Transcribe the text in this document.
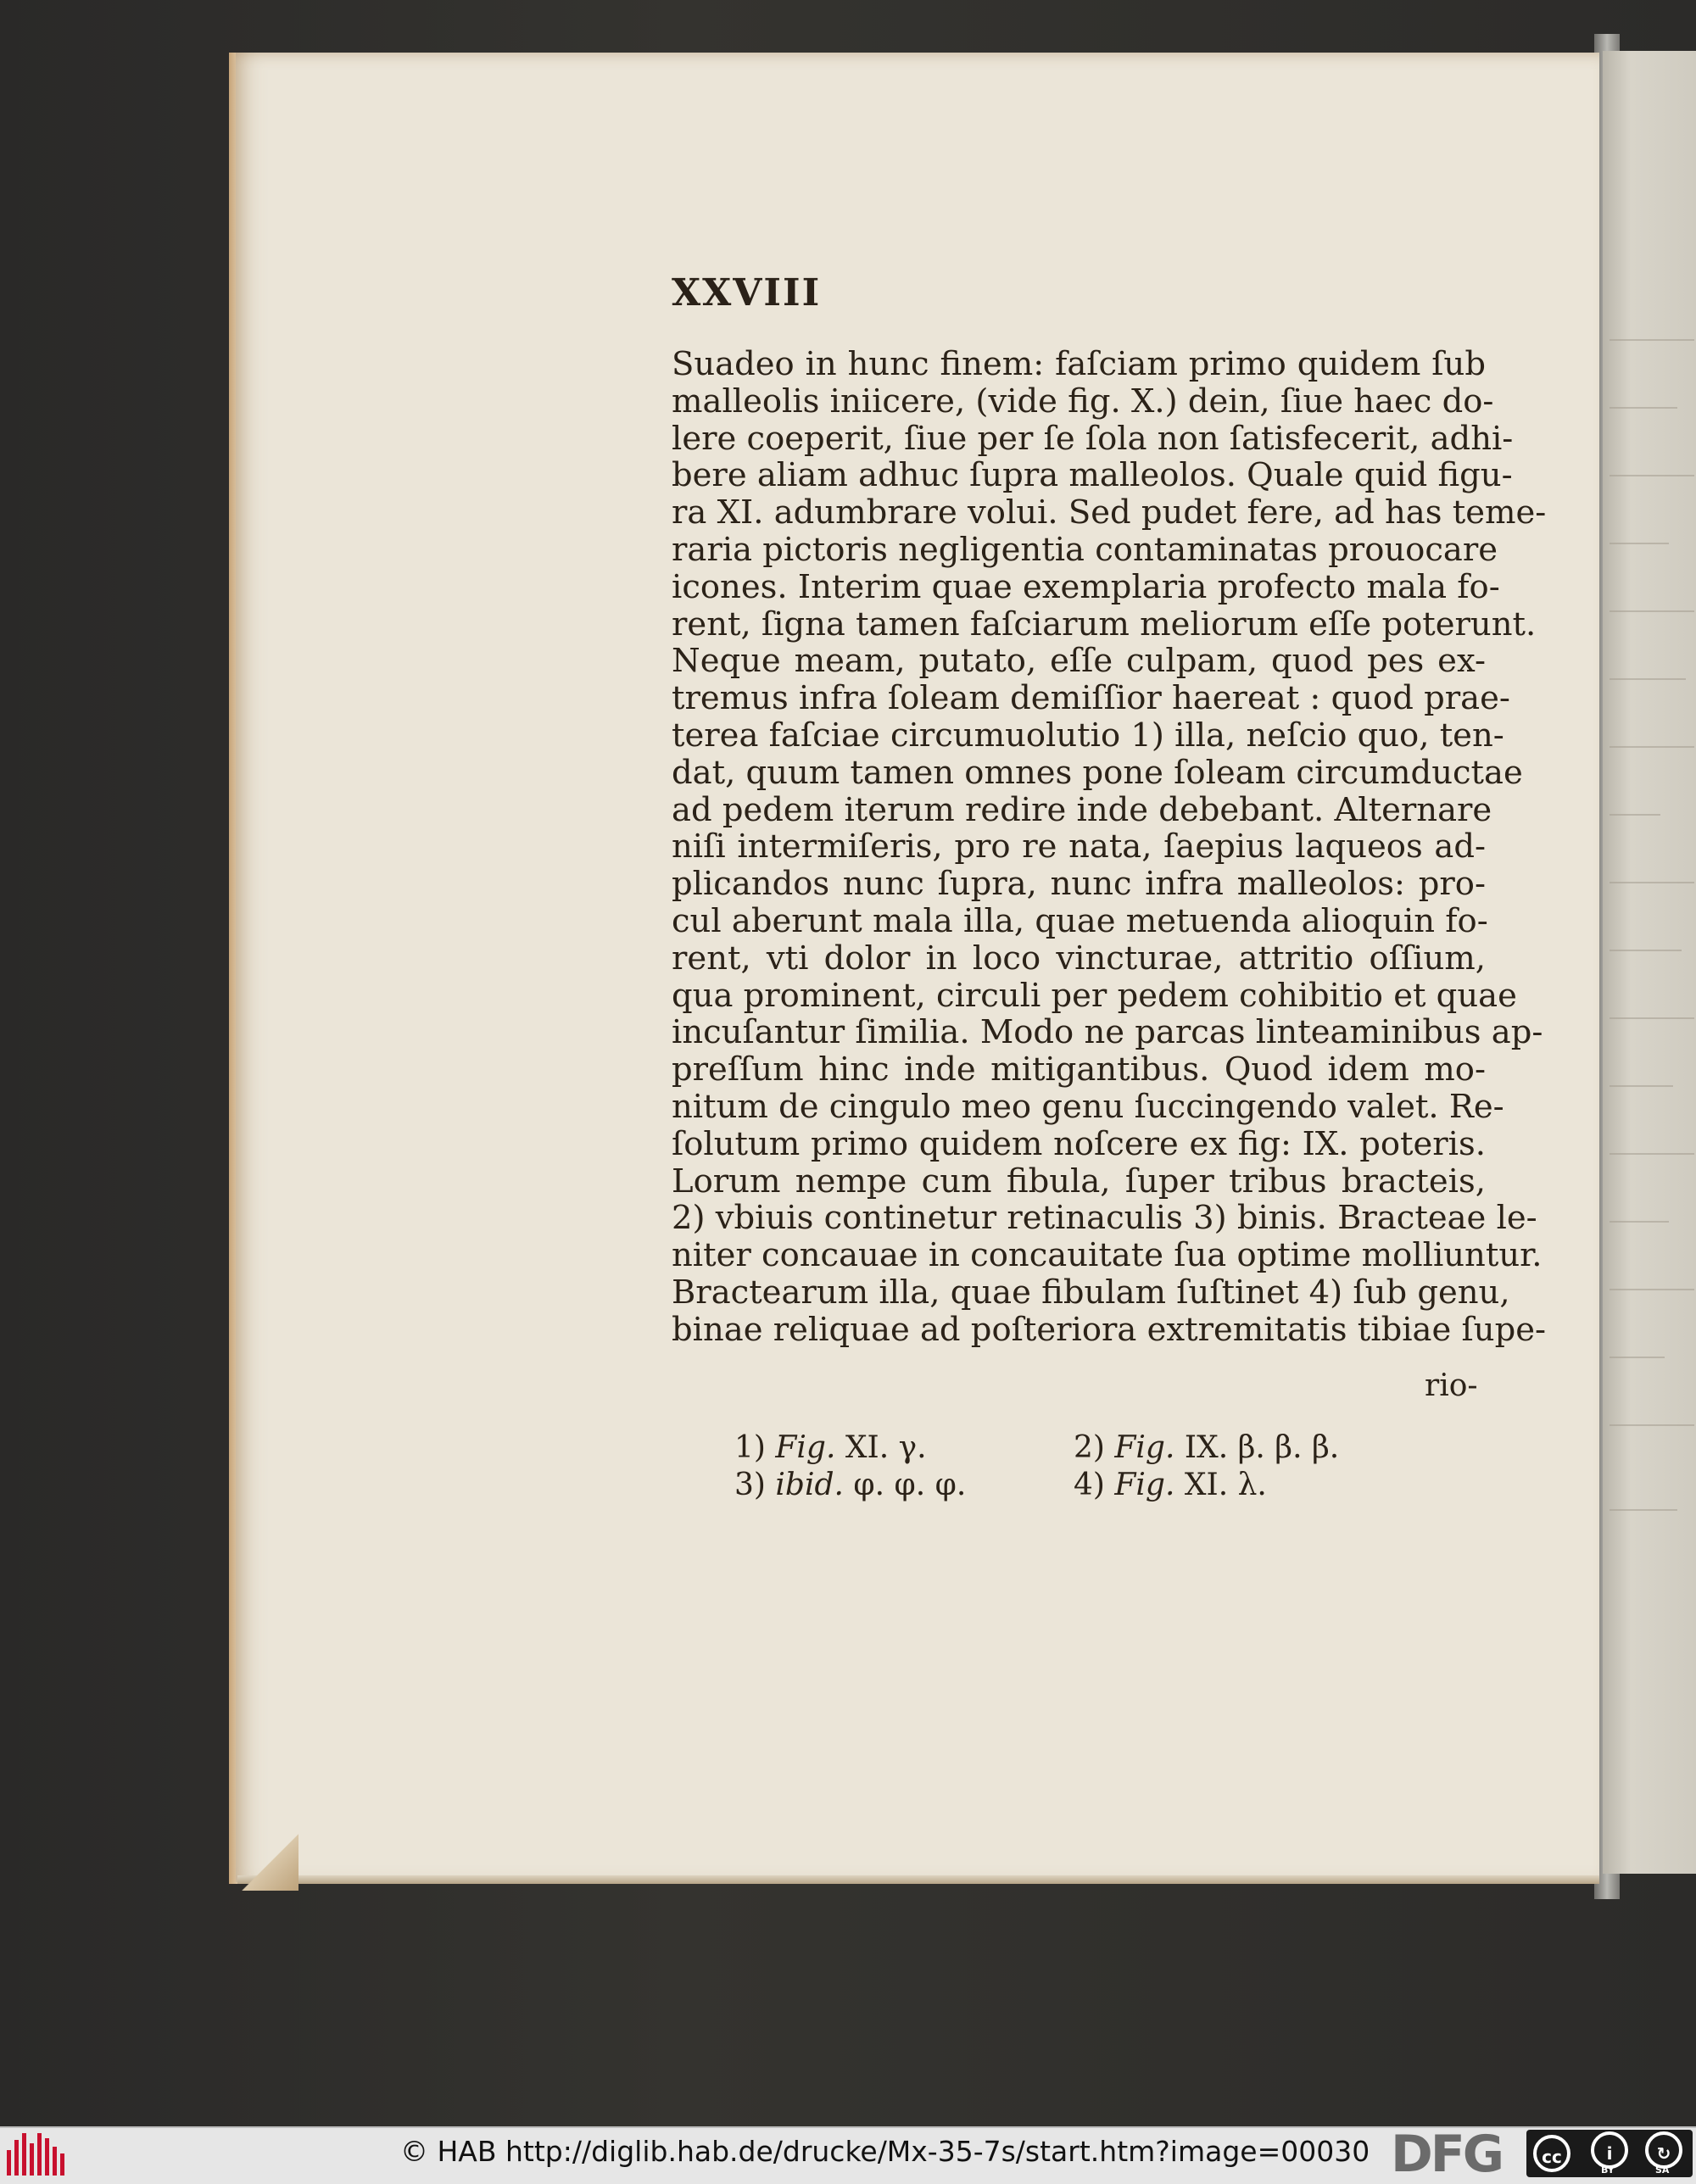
XXVIII
Suadeo in hunc finem: faſciam primo quidem ſub
malleolis iniicere, (vide fig. X.) dein, ſiue haec do-
lere coeperit, ſiue per ſe ſola non ſatisfecerit, adhi-
bere aliam adhuc ſupra malleolos. Quale quid figu-
ra XI. adumbrare volui. Sed pudet fere, ad has teme-
raria pictoris negligentia contaminatas prouocare
icones. Interim quae exemplaria profecto mala fo-
rent, ſigna tamen faſciarum meliorum eſſe poterunt.
Neque meam, putato, eſſe culpam, quod pes ex-
tremus infra ſoleam demiſſior haereat : quod prae-
terea faſciae circumuolutio 1) illa, neſcio quo, ten-
dat, quum tamen omnes pone ſoleam circumductae
ad pedem iterum redire inde debebant. Alternare
niſi intermiſeris, pro re nata, ſaepius laqueos ad-
plicandos nunc ſupra, nunc infra malleolos: pro-
cul aberunt mala illa, quae metuenda alioquin fo-
rent, vti dolor in loco vincturae, attritio oſſium,
qua prominent, circuli per pedem cohibitio et quae
incuſantur ſimilia. Modo ne parcas linteaminibus ap-
preſſum hinc inde mitigantibus. Quod idem mo-
nitum de cingulo meo genu ſuccingendo valet. Re-
ſolutum primo quidem noſcere ex fig: IX. poteris.
Lorum nempe cum fibula, ſuper tribus bracteis,
2) vbiuis continetur retinaculis 3) binis. Bracteae le-
niter concauae in concauitate ſua optime molliuntur.
Bractearum illa, quae fibulam ſuſtinet 4) ſub genu,
binae reliquae ad poſteriora extremitatis tibiae ſupe-
rio-
1) Fig. XI. γ.	2) Fig. IX. β. β. β.
3) ibid. φ. φ. φ.	4) Fig. XI. λ.
© HAB http://diglib.hab.de/drucke/Mx-35-7s/start.htm?image=00030 DFG	cc	i	↻
BY	SA
